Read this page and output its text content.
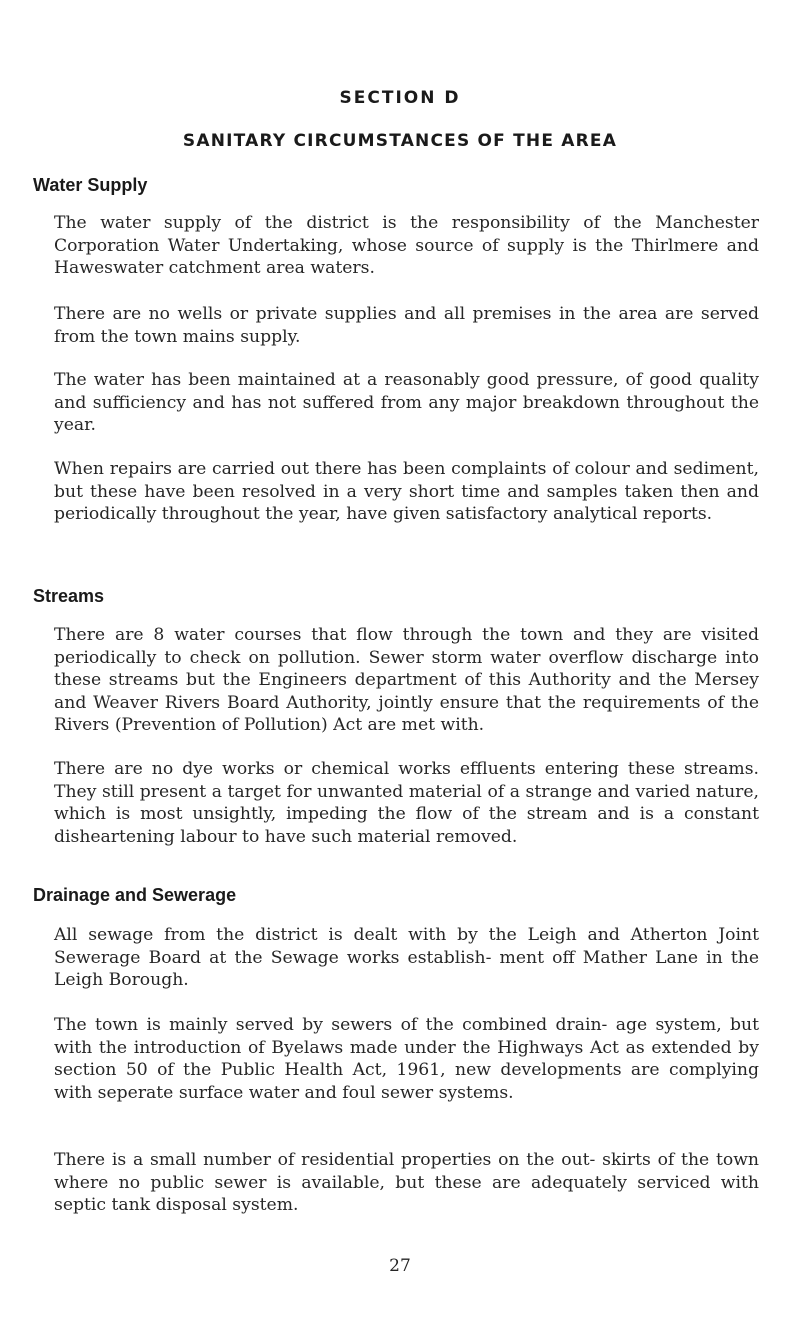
SECTION D
SANITARY CIRCUMSTANCES OF THE AREA
Water Supply

The water supply of the district is the responsibility of the Manchester Corporation Water Undertaking, whose source of supply is the Thirlmere and Haweswater catchment area waters.

There are no wells or private supplies and all premises in the area are served from the town mains supply.

The water has been maintained at a reasonably good pressure, of good quality and sufficiency and has not suffered from any major breakdown throughout the year.

When repairs are carried out there has been complaints of colour and sediment, but these have been resolved in a very short time and samples taken then and periodically throughout the year, have given satisfactory analytical reports.

Streams

There are 8 water courses that flow through the town and they are visited periodically to check on pollution. Sewer storm water overflow discharge into these streams but the Engineers department of this Authority and the Mersey and Weaver Rivers Board Authority, jointly ensure that the requirements of the Rivers (Prevention of Pollution) Act are met with.

There are no dye works or chemical works effluents entering these streams. They still present a target for unwanted material of a strange and varied nature, which is most unsightly, impeding the flow of the stream and is a constant disheartening labour to have such material removed.

Drainage and Sewerage

All sewage from the district is dealt with by the Leigh and Atherton Joint Sewerage Board at the Sewage works establish- ment off Mather Lane in the Leigh Borough.

The town is mainly served by sewers of the combined drain- age system, but with the introduction of Byelaws made under the Highways Act as extended by section 50 of the Public Health Act, 1961, new developments are complying with seperate surface water and foul sewer systems.

There is a small number of residential properties on the out- skirts of the town where no public sewer is available, but these are adequately serviced with septic tank disposal system.

27
